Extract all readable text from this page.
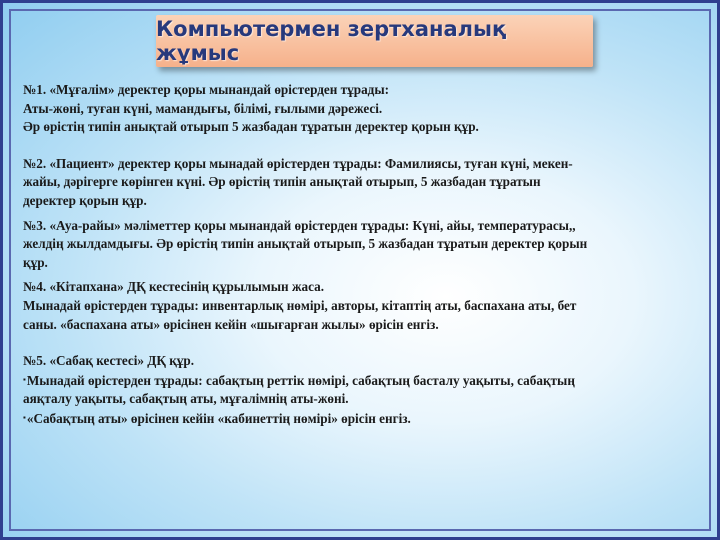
Компьютермен зертханалық жұмыс

№1. «Мұғалім» деректер қоры мынандай өрістерден тұрады:

Аты-жөні, туған күні, мамандығы, білімі, ғылыми дәрежесі.

Әр өрістің типін анықтай отырып 5 жазбадан тұратын деректер қорын құр.

№2. «Пациент» деректер қоры мынадай өрістерден тұрады: Фамилиясы, туған күні, мекен-

жайы, дәрігерге көрінген күні. Әр өрістің типін анықтай отырып, 5 жазбадан тұратын

деректер қорын құр.

№3. «Ауа-райы» мәліметтер қоры мынандай өрістерден тұрады: Күні, айы, температурасы,,

желдің жылдамдығы. Әр өрістің типін анықтай отырып, 5 жазбадан тұратын деректер қорын

құр.

№4. «Кітапхана» ДҚ кестесінің құрылымын жаса.

Мынадай өрістерден тұрады: инвентарлық нөмірі, авторы, кітаптің аты, баспахана аты, бет

саны. «баспахана аты» өрісінен кейін «шығарған жылы» өрісін енгіз.

№5. «Сабақ кестесі» ДҚ құр.

▪ Мынадай өрістерден тұрады: сабақтың реттік нөмірі, сабақтың басталу уақыты, сабақтың

аяқталу уақыты, сабақтың аты, мұғалімнің аты-жөні.

▪ «Сабақтың аты» өрісінен кейін «кабинеттің нөмірі» өрісін енгіз.
